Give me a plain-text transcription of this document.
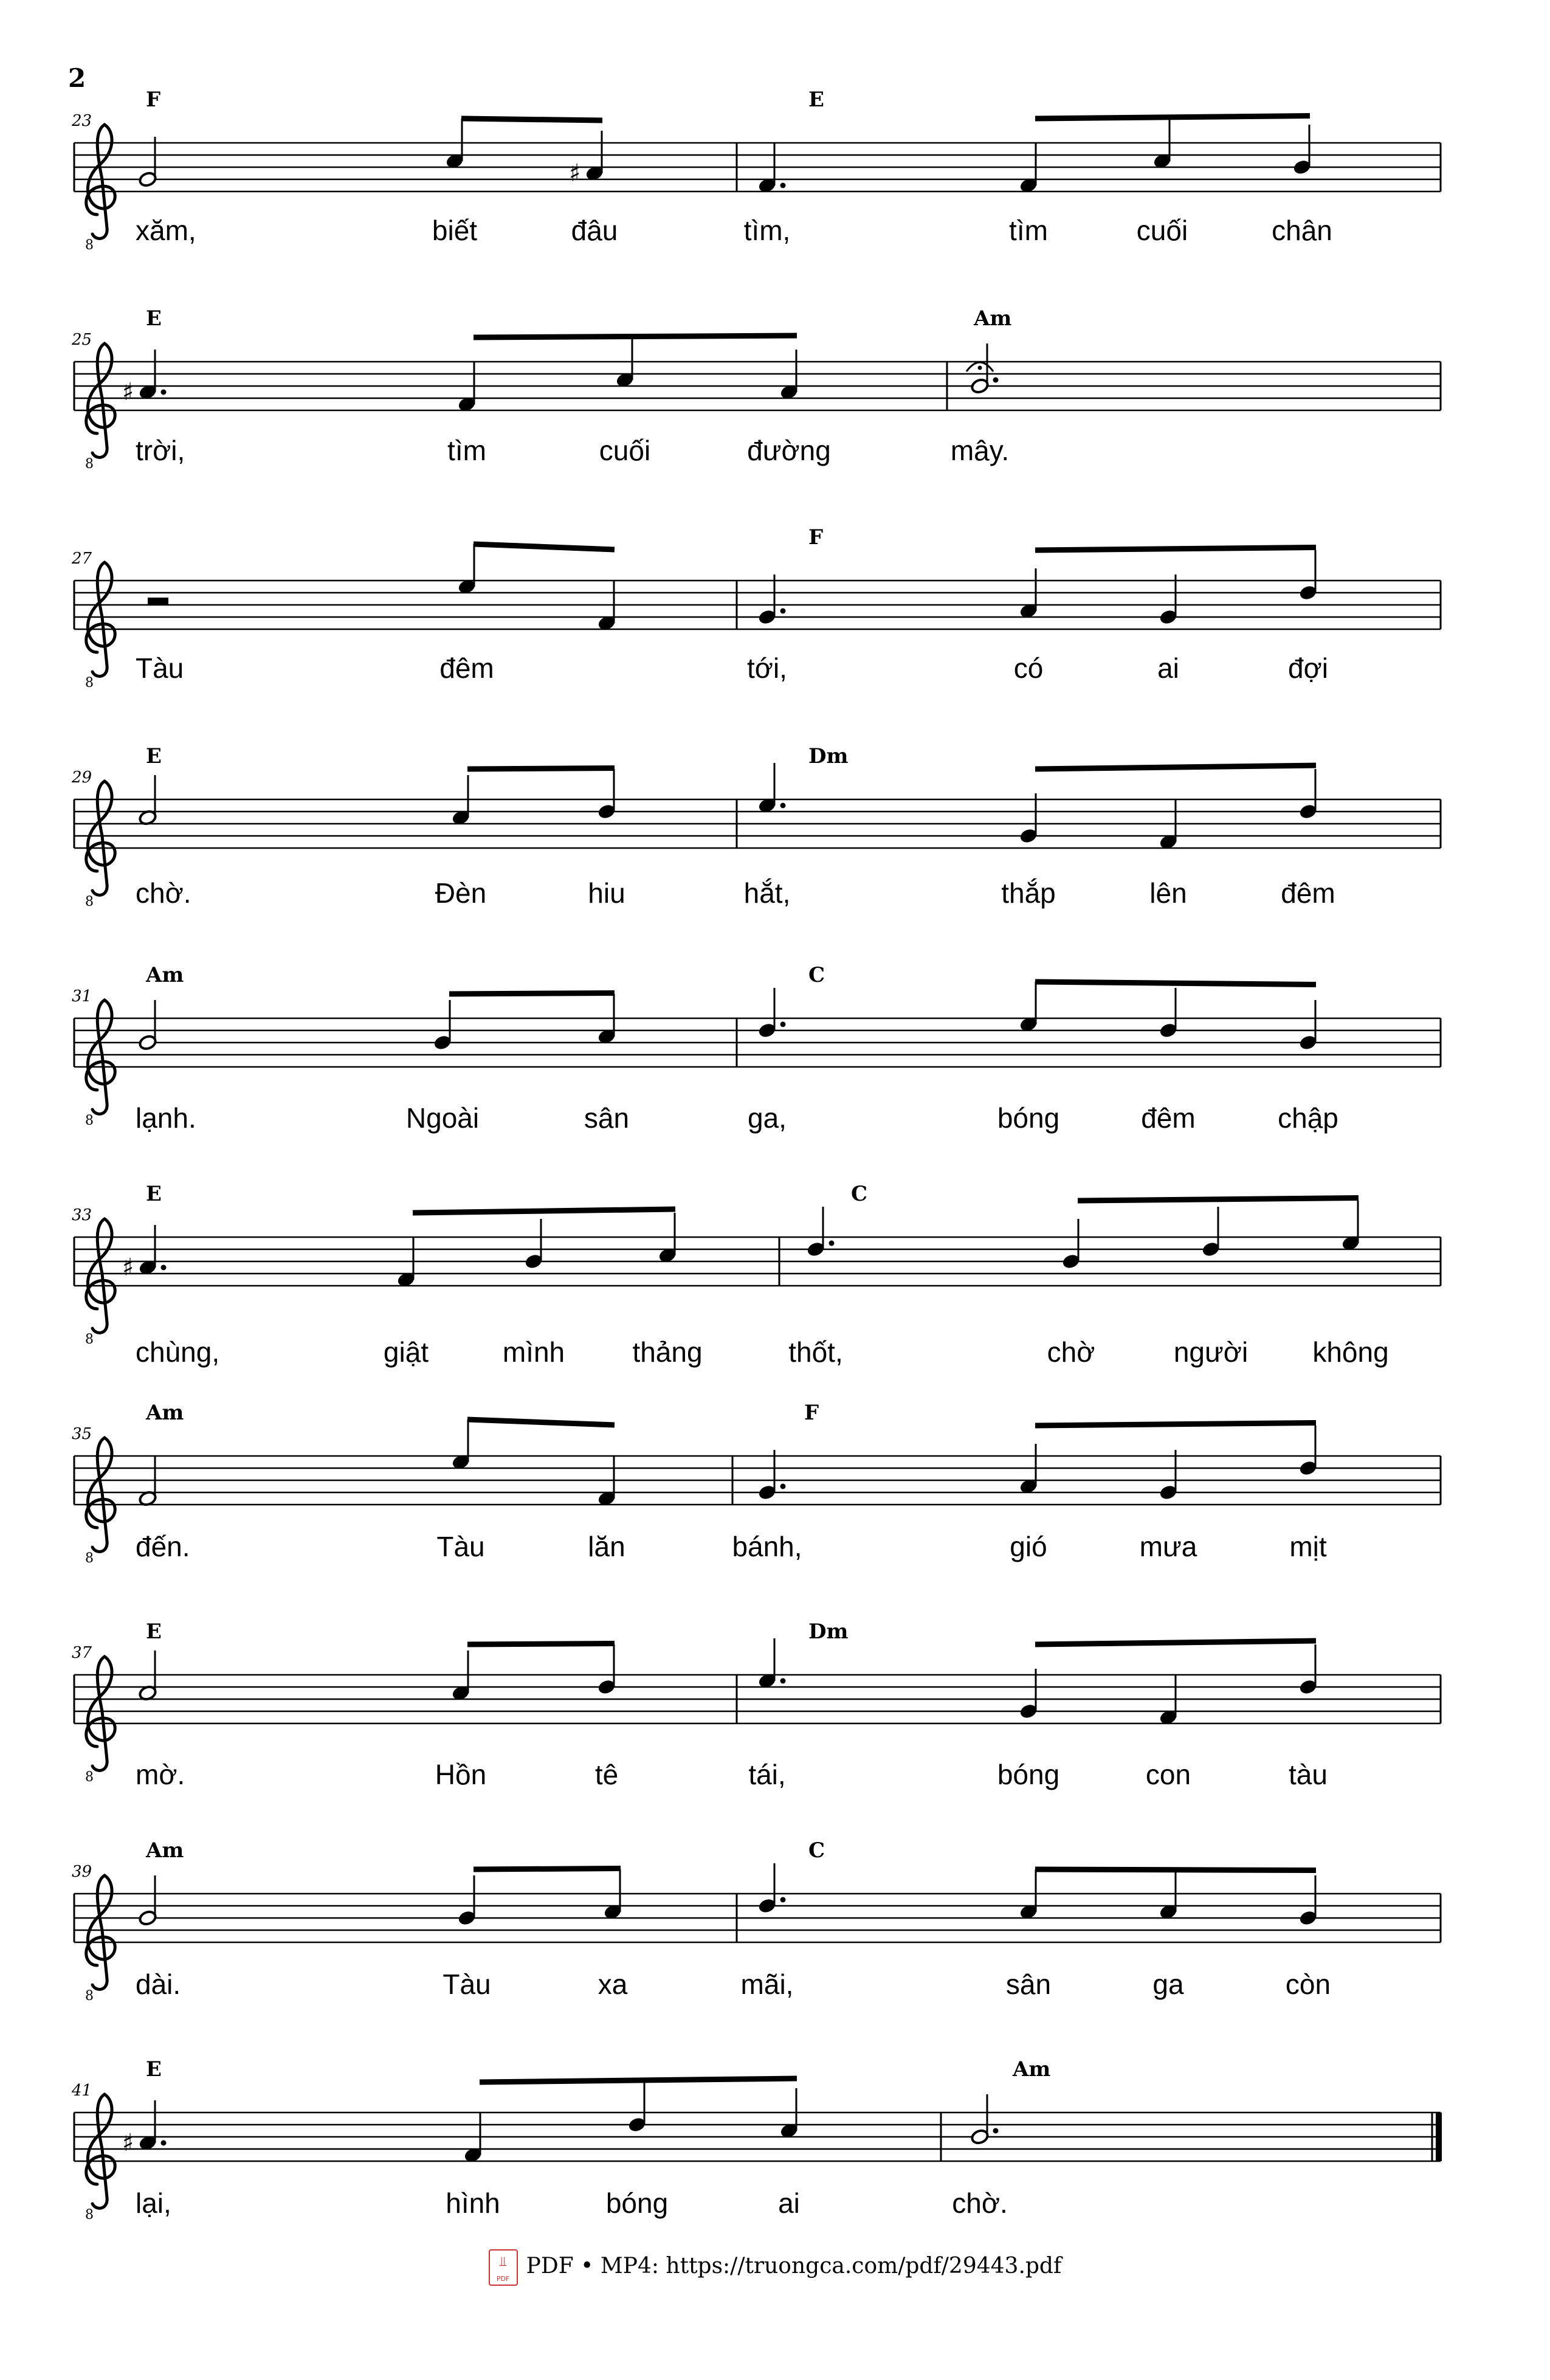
2
8
23
F	E
♯
xăm,	biết	đâu	tìm,	tìm	cuối	chân
8
25
E	Am
♯
trời,	tìm	cuối	đường	mây.
8
27
F
Tàu	đêm	tới,	có	ai	đợi
8
29
E	Dm
chờ.	Đèn	hiu	hắt,	thắp	lên	đêm
8
31
Am	C
lạnh.	Ngoài	sân	ga,	bóng	đêm	chập
8
33
E	C
♯
chùng,	giật	mình thảng	thốt,	chờ	người không
8
35
Am	F
đến.	Tàu	lăn	bánh,	gió	mưa	mịt
8
37
E	Dm
mờ.	Hồn	tê	tái,	bóng	con	tàu
8
39
Am	C
dài.	Tàu	xa	mãi,	sân	ga	còn
8
41
E	Am
♯
lại,	hình	bóng	ai	chờ.
⫫ PDFPDF • MP4: https://truongca.com/pdf/29443.pdf
